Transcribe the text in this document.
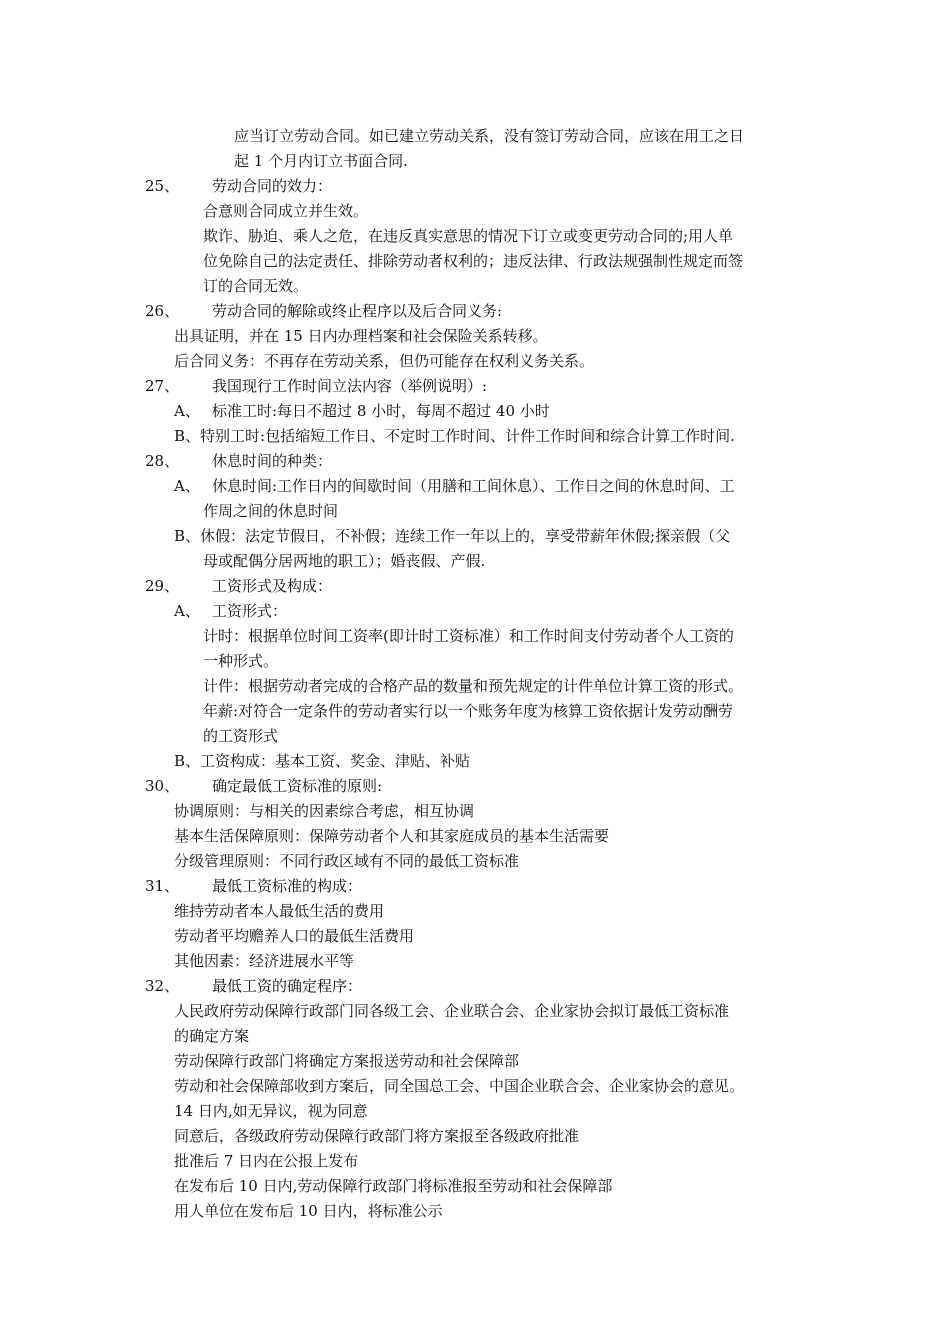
应当订立劳动合同。如已建立劳动关系，没有签订劳动合同，应该在用工之日
起 1 个月内订立书面合同.
25、 劳动合同的效力：
合意则合同成立并生效。
欺诈、胁迫、乘人之危，在违反真实意思的情况下订立或变更劳动合同的;用人单
位免除自己的法定责任、排除劳动者权利的；违反法律、行政法规强制性规定而签
订的合同无效。
26、 劳动合同的解除或终止程序以及后合同义务:
出具证明，并在 15 日内办理档案和社会保险关系转移。
后合同义务：不再存在劳动关系，但仍可能存在权利义务关系。
27、 我国现行工作时间立法内容（举例说明）:
A、 标准工时:每日不超过 8 小时，每周不超过 40 小时
B、特别工时:包括缩短工作日、不定时工作时间、计件工作时间和综合计算工作时间.
28、 休息时间的种类：
A、 休息时间:工作日内的间歇时间（用膳和工间休息）、工作日之间的休息时间、工
作周之间的休息时间
B、休假：法定节假日，不补假；连续工作一年以上的，享受带薪年休假;探亲假（父
母或配偶分居两地的职工）；婚丧假、产假.
29、 工资形式及构成：
A、 工资形式：
计时：根据单位时间工资率(即计时工资标准）和工作时间支付劳动者个人工资的
一种形式。
计件：根据劳动者完成的合格产品的数量和预先规定的计件单位计算工资的形式。
年薪:对符合一定条件的劳动者实行以一个账务年度为核算工资依据计发劳动酬劳
的工资形式
B、工资构成：基本工资、奖金、津贴、补贴
30、 确定最低工资标准的原则:
协调原则：与相关的因素综合考虑，相互协调
基本生活保障原则：保障劳动者个人和其家庭成员的基本生活需要
分级管理原则：不同行政区域有不同的最低工资标准
31、 最低工资标准的构成：
维持劳动者本人最低生活的费用
劳动者平均赡养人口的最低生活费用
其他因素：经济进展水平等
32、 最低工资的确定程序：
人民政府劳动保障行政部门同各级工会、企业联合会、企业家协会拟订最低工资标准
的确定方案
劳动保障行政部门将确定方案报送劳动和社会保障部
劳动和社会保障部收到方案后，同全国总工会、中国企业联合会、企业家协会的意见。
14 日内,如无异议，视为同意
同意后，各级政府劳动保障行政部门将方案报至各级政府批准
批准后 7 日内在公报上发布
在发布后 10 日内,劳动保障行政部门将标准报至劳动和社会保障部
用人单位在发布后 10 日内，将标准公示
